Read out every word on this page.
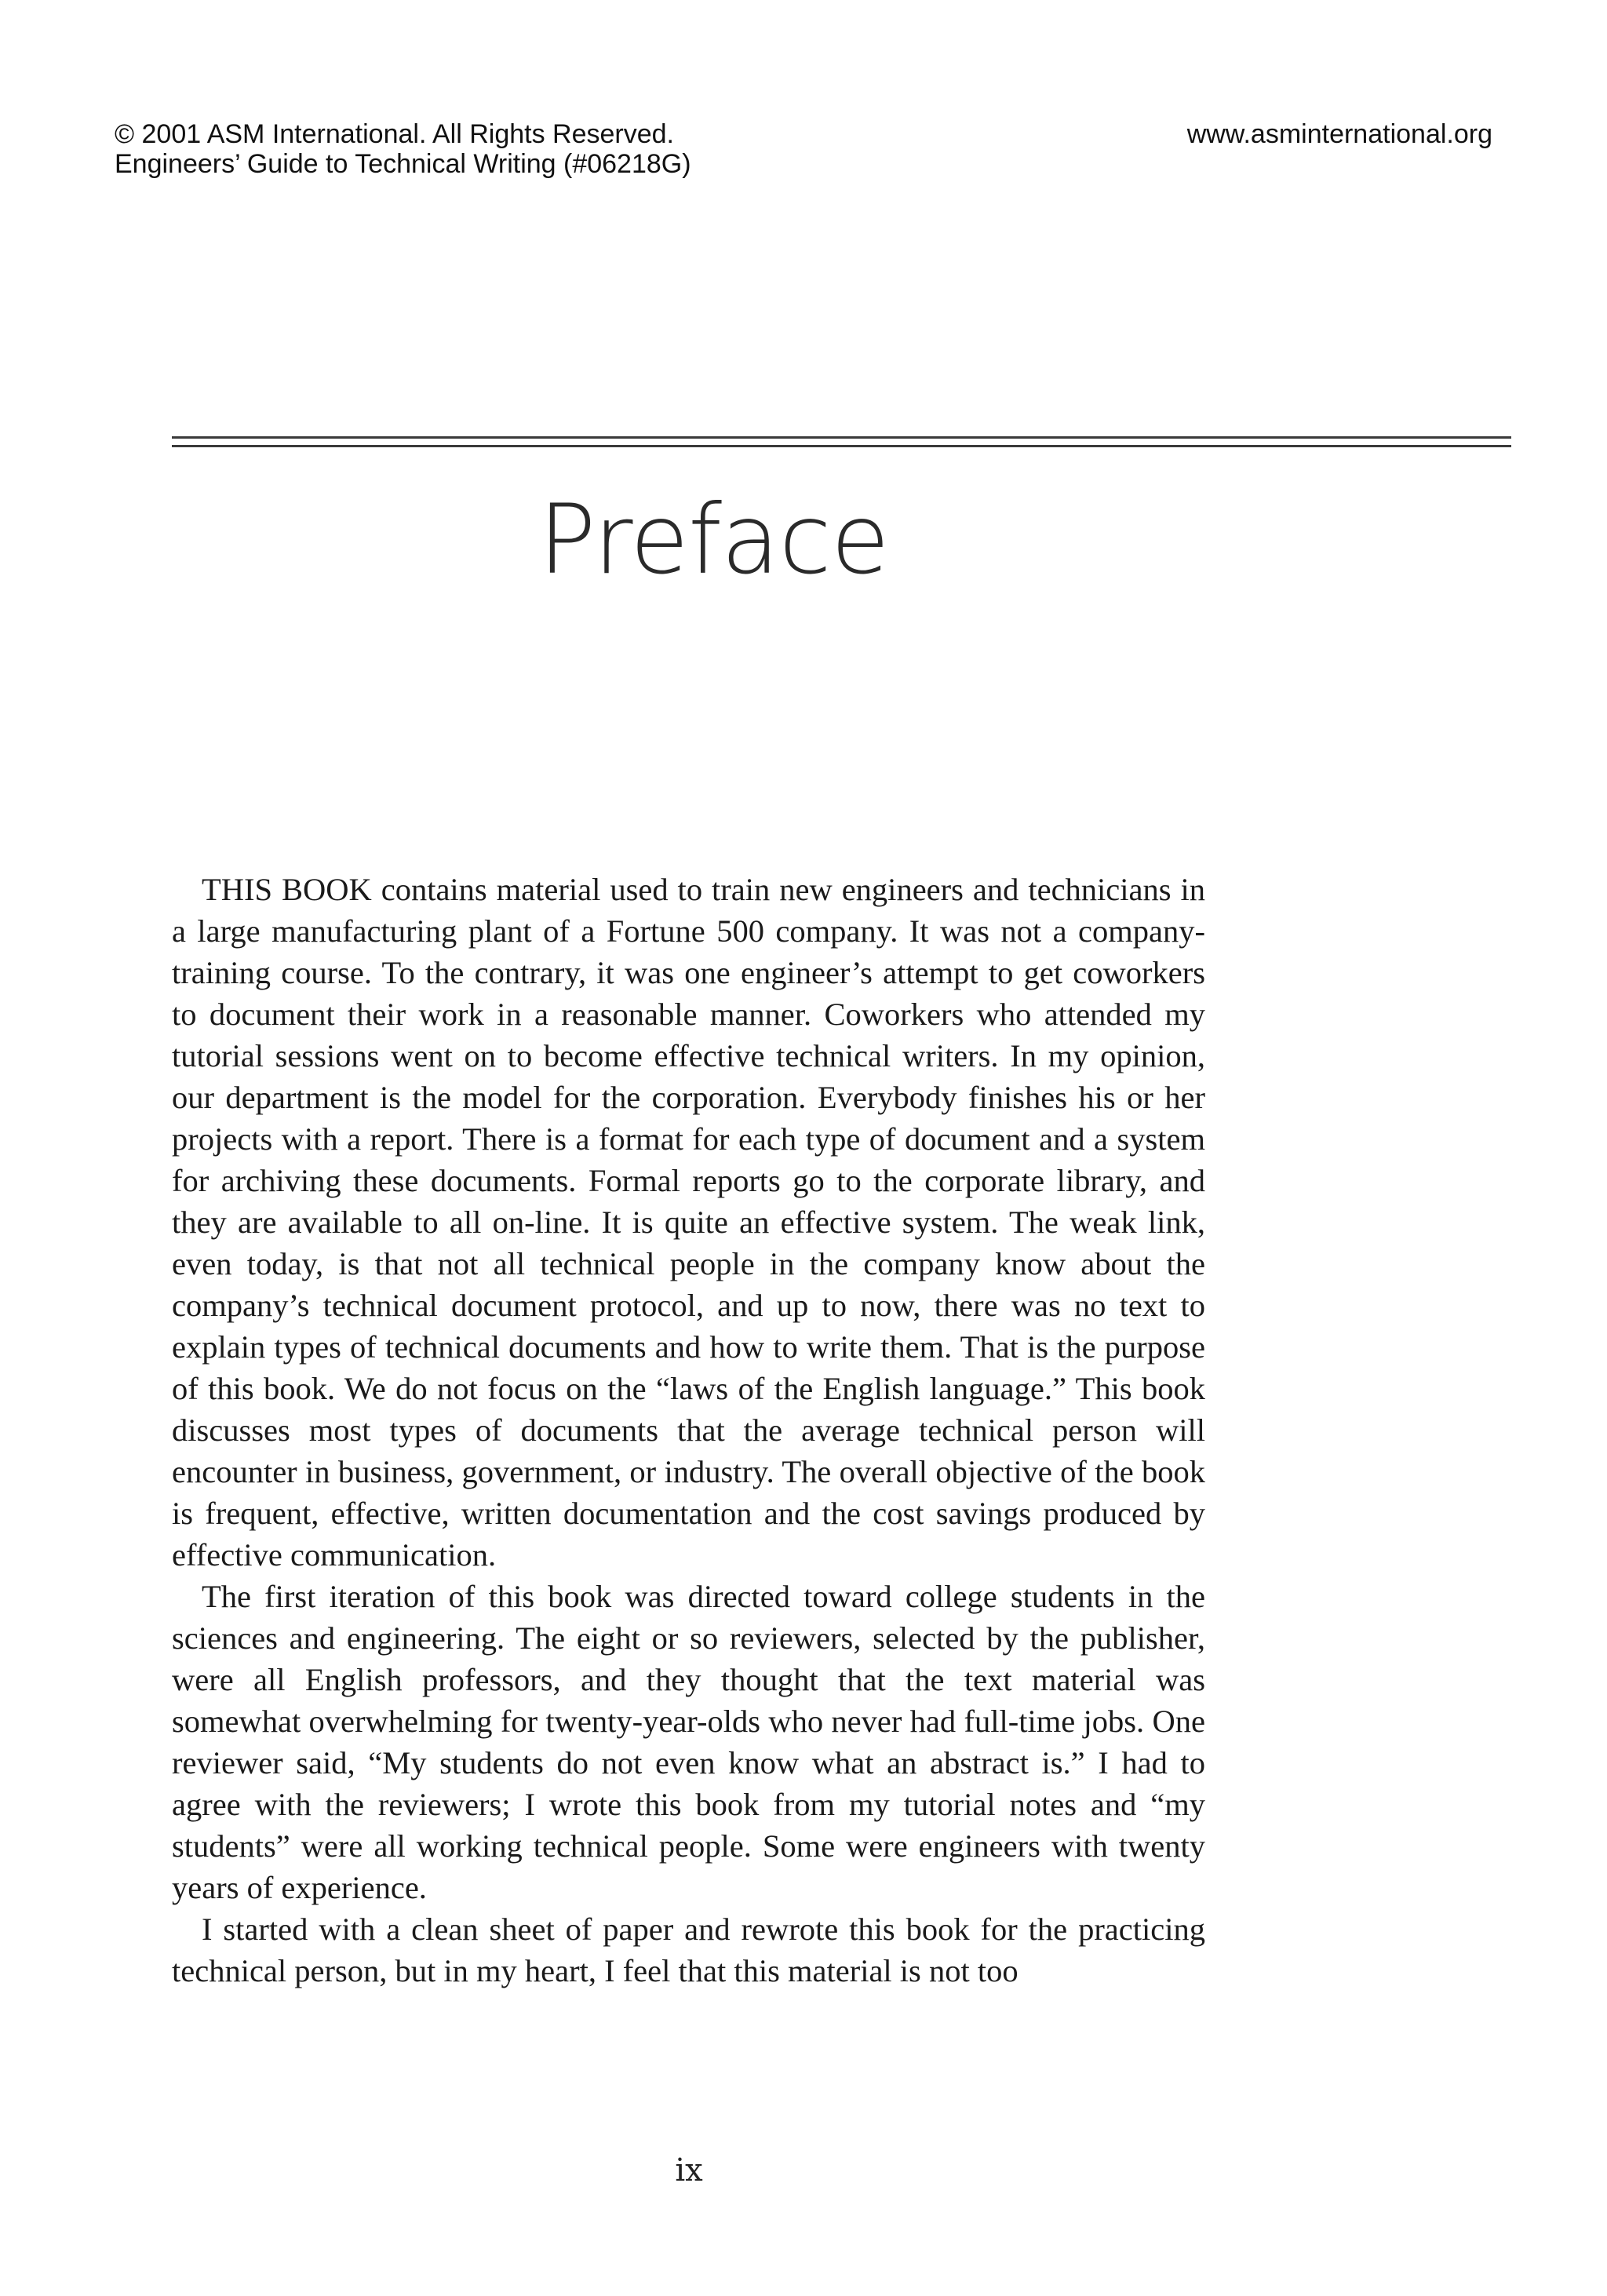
© 2001 ASM International. All Rights Reserved.
Engineers’ Guide to Technical Writing (#06218G)
www.asminternational.org
Preface

THIS BOOK contains material used to train new engineers and technicians in a large manufacturing plant of a Fortune 500 company. It was not a company-training course. To the contrary, it was one engineer’s attempt to get coworkers to document their work in a reasonable manner. Coworkers who attended my tutorial sessions went on to become effective technical writers. In my opinion, our department is the model for the corporation. Everybody finishes his or her projects with a report. There is a format for each type of document and a system for archiving these documents. Formal reports go to the corporate library, and they are available to all on-line. It is quite an effective system. The weak link, even today, is that not all technical people in the company know about the company’s technical document protocol, and up to now, there was no text to explain types of technical documents and how to write them. That is the purpose of this book. We do not focus on the “laws of the English language.” This book discusses most types of documents that the average technical person will encounter in business, government, or industry. The overall objective of the book is frequent, effective, written documentation and the cost savings produced by effective communication.

The first iteration of this book was directed toward college students in the sciences and engineering. The eight or so reviewers, selected by the publisher, were all English professors, and they thought that the text material was somewhat overwhelming for twenty-year-olds who never had full-time jobs. One reviewer said, “My students do not even know what an abstract is.” I had to agree with the reviewers; I wrote this book from my tutorial notes and “my students” were all working technical people. Some were engineers with twenty years of experience.

I started with a clean sheet of paper and rewrote this book for the practicing technical person, but in my heart, I feel that this material is not too

ix
